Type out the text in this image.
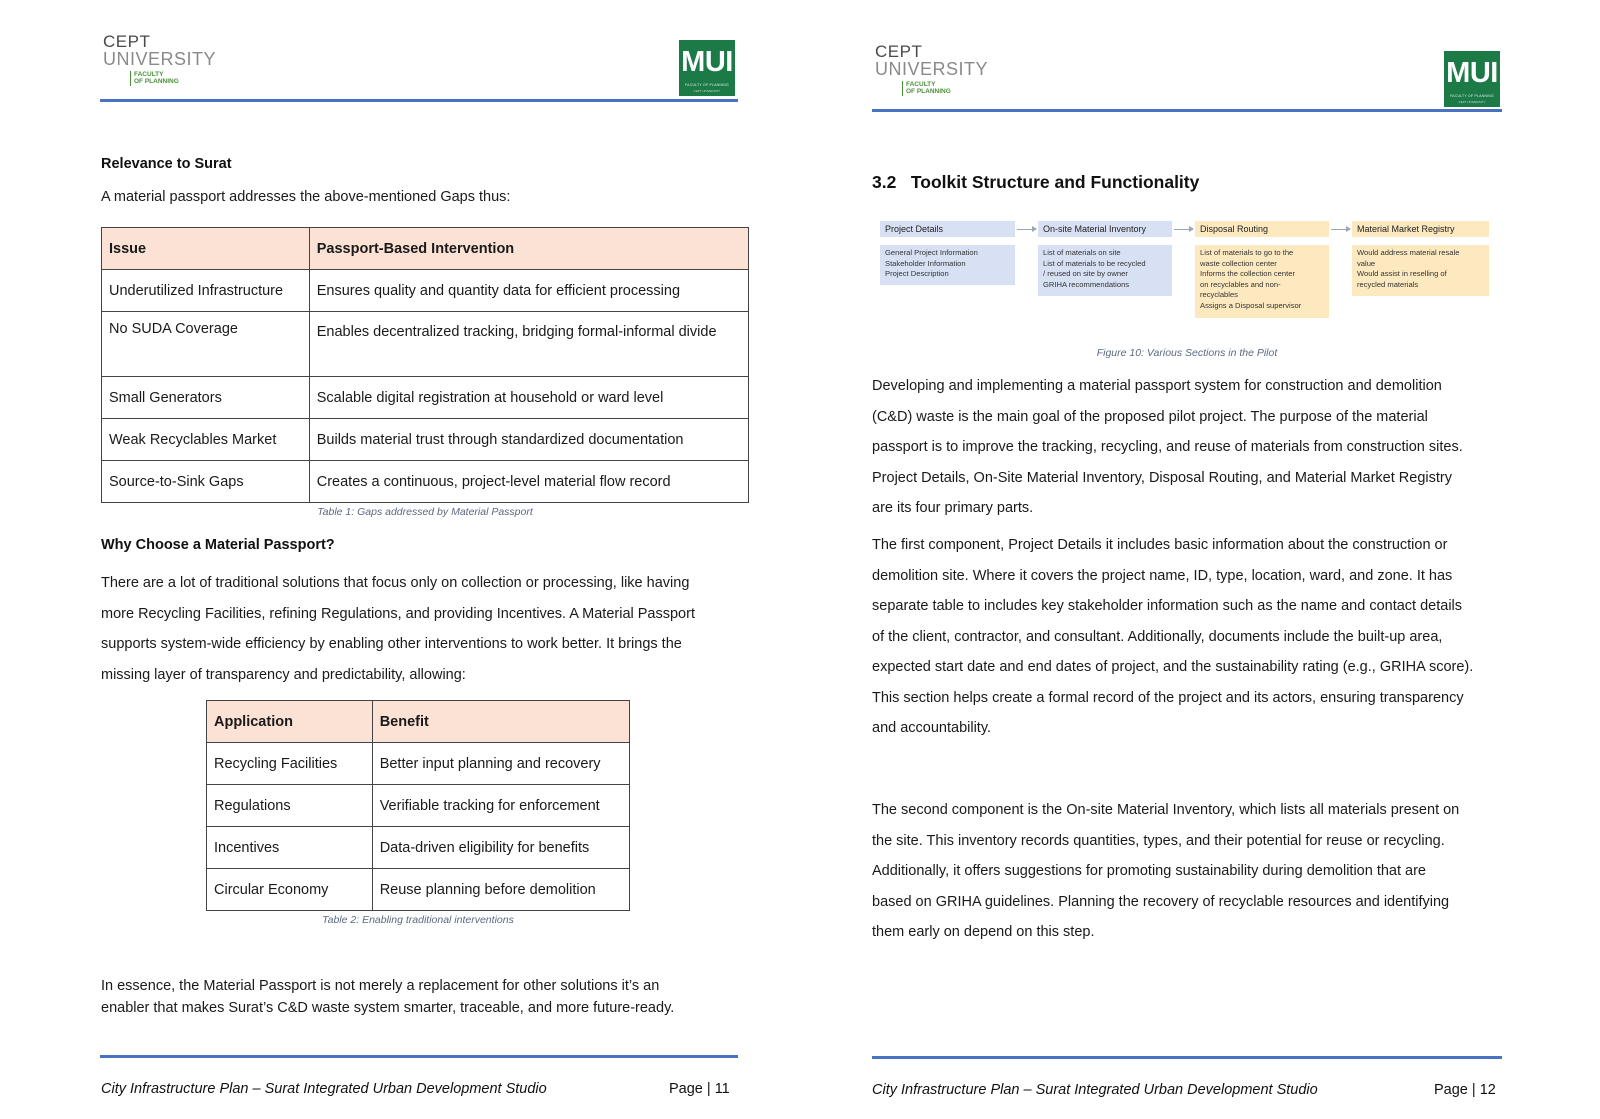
CEPT
UNIVERSITY
FACULTY
OF PLANNING
MUI
FACULTY OF PLANNING
CEPT UNIVERSITY
Relevance to Surat
A material passport addresses the above-mentioned Gaps thus:
Issue	Passport-Based Intervention
Underutilized Infrastructure	Ensures quality and quantity data for efficient processing
No SUDA Coverage	Enables decentralized tracking, bridging formal-informal divide
Small Generators	Scalable digital registration at household or ward level
Weak Recyclables Market	Builds material trust through standardized documentation
Source-to-Sink Gaps	Creates a continuous, project-level material flow record
Table 1: Gaps addressed by Material Passport
Why Choose a Material Passport?
There are a lot of traditional solutions that focus only on collection or processing, like having
more Recycling Facilities, refining Regulations, and providing Incentives. A Material Passport
supports system-wide efficiency by enabling other interventions to work better. It brings the
missing layer of transparency and predictability, allowing:
Application	Benefit
Recycling Facilities	Better input planning and recovery
Regulations	Verifiable tracking for enforcement
Incentives	Data-driven eligibility for benefits
Circular Economy	Reuse planning before demolition
Table 2: Enabling traditional interventions
In essence, the Material Passport is not merely a replacement for other solutions it’s an
enabler that makes Surat’s C&D waste system smarter, traceable, and more future-ready.
City Infrastructure Plan – Surat Integrated Urban Development Studio	Page | 11
CEPT
UNIVERSITY
FACULTY
OF PLANNING
MUI
FACULTY OF PLANNING
CEPT UNIVERSITY
3.2   Toolkit Structure and Functionality
Project Details
General Project Information
Stakeholder Information
Project Description
On-site Material Inventory
List of materials on site
List of materials to be recycled
/ reused on site by owner
GRIHA recommendations
Disposal Routing
List of materials to go to the
waste collection center
Informs the collection center
on recyclables and non-
recyclables
Assigns a Disposal supervisor
Material Market Registry
Would address material resale
value
Would assist in reselling of
recycled materials
Figure 10: Various Sections in the Pilot
Developing and implementing a material passport system for construction and demolition
(C&D) waste is the main goal of the proposed pilot project. The purpose of the material
passport is to improve the tracking, recycling, and reuse of materials from construction sites.
Project Details, On-Site Material Inventory, Disposal Routing, and Material Market Registry
are its four primary parts.
The first component, Project Details it includes basic information about the construction or
demolition site. Where it covers the project name, ID, type, location, ward, and zone. It has
separate table to includes key stakeholder information such as the name and contact details
of the client, contractor, and consultant. Additionally, documents include the built-up area,
expected start date and end dates of project, and the sustainability rating (e.g., GRIHA score).
This section helps create a formal record of the project and its actors, ensuring transparency
and accountability.
The second component is the On-site Material Inventory, which lists all materials present on
the site. This inventory records quantities, types, and their potential for reuse or recycling.
Additionally, it offers suggestions for promoting sustainability during demolition that are
based on GRIHA guidelines. Planning the recovery of recyclable resources and identifying
them early on depend on this step.
City Infrastructure Plan – Surat Integrated Urban Development Studio	Page | 12
